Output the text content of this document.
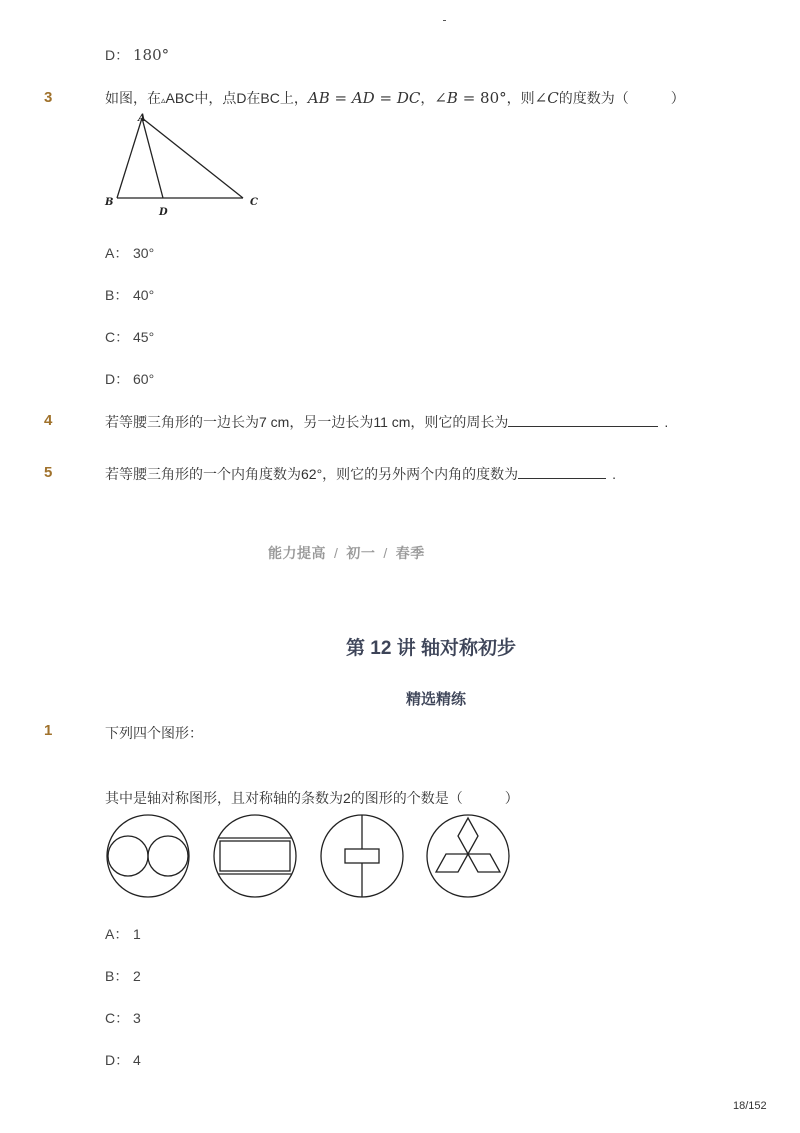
D： 180°
3	如图，在▵ABC中，点D在BC上，AB = AD = DC，∠B = 80°，则∠C的度数为（　　　）
A
B	C
D
A： 30°
B： 40°
C： 45°
D： 60°
4	若等腰三角形的一边长为7 cm，另一边长为11 cm，则它的周长为	.
5	若等腰三角形的一个内角度数为62°，则它的另外两个内角的度数为	.
能力提高 / 初一 / 春季
第 12 讲 轴对称初步
精选精练
1	下列四个图形：
其中是轴对称图形，且对称轴的条数为2的图形的个数是（　　　）
A： 1
B： 2
C： 3
D： 4
18/152
